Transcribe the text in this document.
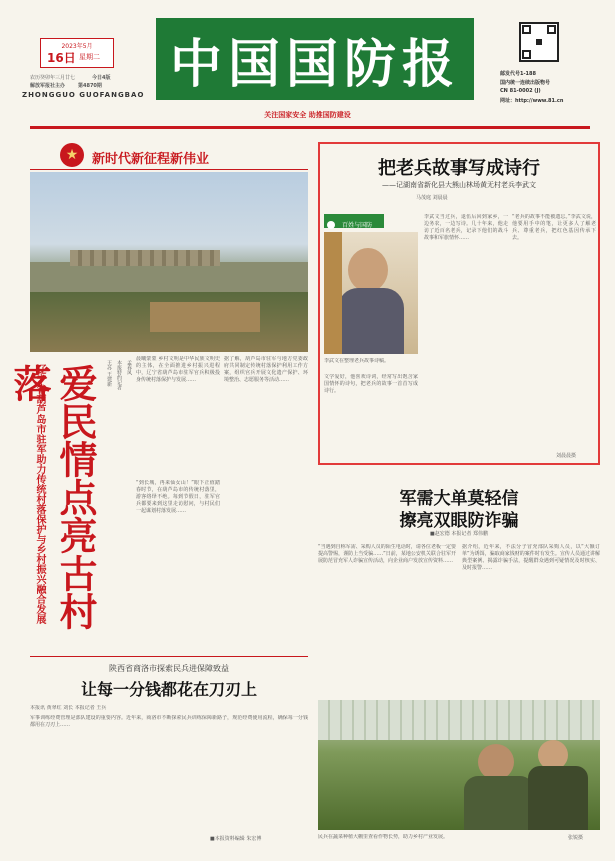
2023年5月
16日 星期二
农历癸卯年三月廿七	今日4版
解放军报社主办	第4870期
ZHONGGUO GUOFANGBAO
中国国防报	邮发代号1-188
国内统一连续出版物号
CN 81-0002 (J)
网址：http://www.81.cn
关注国家安全 助推国防建设
★	新时代新征程新伟业
王苏 王建新 本报特约记者 孟春风
爱民情点亮古村落
辽宁省葫芦岛市驻军助力传统村落保护与乡村振兴融合发展
晨曦蒙蒙 乡村文明是中华民族文明史的主体，在全面推进乡村振兴进程中，辽宁省葫芦岛市驻军官兵积极投身传统村落保护与发展……
“到长城，再来仙女山！”眼下正值踏春时节，在葫芦岛市的传统村落里，游客络绎不绝。每到节假日，驻军官兵都要来到这里走访慰问，与村民们一起谋划村落发展……
据了解，葫芦岛市驻军与地方党委政府共同制定传统村落保护利用工作方案，组织官兵开展文化遗产保护、环境整治、志愿服务等活动……
把老兵故事写成诗行
——记湖南省新化县大熊山林场黄无村老兵李武文
马茂庭 刘晨晨
百姓与国防
李武文在整理老兵故事诗稿。
文学爱好，他喜欢诗词，经常写出饱含家国情怀的诗句，把老兵的故事一首首写成诗行。
李武文当过兵，退伍后回到家乡，一边务农，一边写诗。几十年来，他走访了近百名老兵，记录下他们的战斗故事和军旅情怀……
“老兵的故事不能被遗忘。”李武文说，他要用手中的笔，让更多人了解老兵、尊重老兵，把红色基因传承下去。
刘晨晨摄
军需大单莫轻信
擦亮双眼防诈骗
■赵宏德 本报记者 郑伟鹏
“当遇到自称军需、采购人员的陌生电话时，请各位老板一定要提高警惕，谨防上当受骗……”日前，某地公安机关联合驻军开展防范冒充军人诈骗宣传活动，向企业商户发放宣传资料……
据介绍，近年来，不法分子冒充部队采购人员，以“大额订单”为诱饵，骗取商家钱财的案件时有发生。宣传人员通过讲解典型案例、揭露诈骗手法，提醒群众遇到可疑情况及时核实、及时报警……
民兵在蔬菜种植大棚里查看作物长势，助力乡村产业发展。	张锐摄
陕西省商洛市探索民兵进保障致益
让每一分钱都花在刀刃上
本报讯 黄翠红 刘长 本报记者 王兵
军事训练经费管理是部队建设的重要内容。近年来，商洛市不断探索民兵训练保障新路子，规范经费使用流程，确保每一分钱都用在刀刃上……
■本报资料编辑 朱宏博
